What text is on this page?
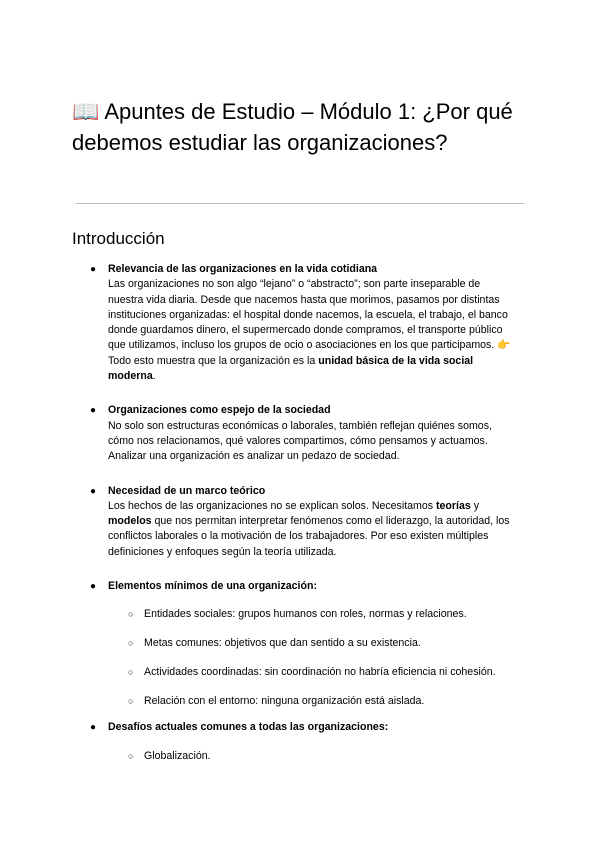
📖 Apuntes de Estudio – Módulo 1: ¿Por qué debemos estudiar las organizaciones?
Introducción
● Relevancia de las organizaciones en la vida cotidiana
Las organizaciones no son algo “lejano” o “abstracto”; son parte inseparable de nuestra vida diaria. Desde que nacemos hasta que morimos, pasamos por distintas instituciones organizadas: el hospital donde nacemos, la escuela, el trabajo, el banco donde guardamos dinero, el supermercado donde compramos, el transporte público que utilizamos, incluso los grupos de ocio o asociaciones en los que participamos. 👉 Todo esto muestra que la organización es la unidad básica de la vida social moderna.
● Organizaciones como espejo de la sociedad
No solo son estructuras económicas o laborales, también reflejan quiénes somos, cómo nos relacionamos, qué valores compartimos, cómo pensamos y actuamos. Analizar una organización es analizar un pedazo de sociedad.
● Necesidad de un marco teórico
Los hechos de las organizaciones no se explican solos. Necesitamos teorías y modelos que nos permitan interpretar fenómenos como el liderazgo, la autoridad, los conflictos laborales o la motivación de los trabajadores. Por eso existen múltiples definiciones y enfoques según la teoría utilizada.
● Elementos mínimos de una organización:
○ Entidades sociales: grupos humanos con roles, normas y relaciones.
○ Metas comunes: objetivos que dan sentido a su existencia.
○ Actividades coordinadas: sin coordinación no habría eficiencia ni cohesión.
○ Relación con el entorno: ninguna organización está aislada.
● Desafíos actuales comunes a todas las organizaciones:
○ Globalización.
